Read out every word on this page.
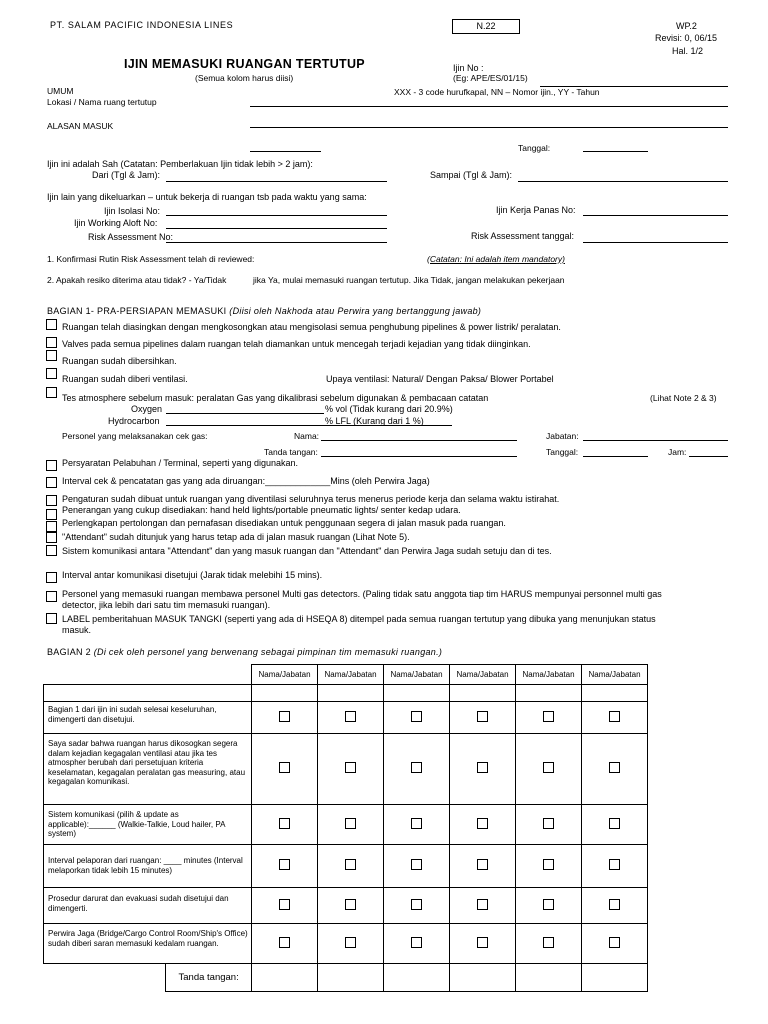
PT. SALAM PACIFIC INDONESIA LINES	N.22	WP.2
Revisi: 0, 06/15
Hal. 1/2
IJIN MEMASUKI RUANGAN TERTUTUP
(Semua kolom harus diisi)
Ijin No :
(Eg: APE/ES/01/15)
XXX - 3 code hurufkapal, NN – Nomor ijin., YY - Tahun
UMUM
Lokasi / Nama ruang tertutup
ALASAN MASUK
Tanggal:
Ijin ini adalah Sah (Catatan: Pemberlakuan Ijin tidak lebih > 2 jam):
Dari (Tgl & Jam):	Sampai (Tgl & Jam):
Ijin lain yang dikeluarkan – untuk bekerja di ruangan tsb pada waktu yang sama:
Ijin Isolasi No:	Ijin Kerja Panas No:
Ijin Working Aloft No:
Risk Assessment No:	Risk Assessment tanggal:
1. Konfirmasi Rutin Risk Assessment telah di reviewed:	(Catatan: Ini adalah item mandatory)
2. Apakah resiko diterima atau tidak? - Ya/Tidak	jika Ya, mulai memasuki ruangan tertutup. Jika Tidak, jangan melakukan pekerjaan
BAGIAN 1- PRA-PERSIAPAN MEMASUKI (Diisi oleh Nakhoda atau Perwira yang bertanggung jawab)
Ruangan telah diasingkan dengan mengkosongkan atau mengisolasi semua penghubung pipelines & power listrik/ peralatan.
Valves pada semua pipelines dalam ruangan telah diamankan untuk mencegah terjadi kejadian yang tidak diinginkan.
Ruangan sudah dibersihkan.
Ruangan sudah diberi ventilasi.	Upaya ventilasi: Natural/ Dengan Paksa/ Blower Portabel
Tes atmosphere sebelum masuk: peralatan Gas yang dikalibrasi sebelum digunakan & pembacaan catatan	(Lihat Note 2 & 3)
Oxygen	% vol (Tidak kurang dari 20.9%)
Hydrocarbon	% LFL (Kurang dari 1 %)
Personel yang melaksanakan cek gas:	Nama:	Jabatan:
Tanda tangan:	Tanggal:	Jam:
Persyaratan Pelabuhan / Terminal, seperti yang digunakan.
Interval cek & pencatatan gas yang ada diruangan:_____________Mins (oleh Perwira Jaga)
Pengaturan sudah dibuat untuk ruangan yang diventilasi seluruhnya terus menerus periode kerja dan selama waktu istirahat.
Penerangan yang cukup disediakan: hand held lights/portable pneumatic lights/ senter kedap udara.
Perlengkapan pertolongan dan pernafasan disediakan untuk penggunaan segera di jalan masuk pada ruangan.
"Attendant" sudah ditunjuk yang harus tetap ada di jalan masuk ruangan (Lihat Note 5).
Sistem komunikasi antara "Attendant" dan yang masuk ruangan dan "Attendant" dan Perwira Jaga sudah setuju dan di tes.
Interval antar komunikasi disetujui (Jarak tidak melebihi 15 mins).
Personel yang memasuki ruangan membawa personel Multi gas detectors. (Paling tidak satu anggota tiap tim HARUS mempunyai personnel multi gas
detector, jika lebih dari satu tim memasuki ruangan).
LABEL pemberitahuan MASUK TANGKI (seperti yang ada di HSEQA 8) ditempel pada semua ruangan tertutup yang dibuka yang menunjukan status
masuk.
BAGIAN 2 (Di cek oleh personel yang berwenang sebagai pimpinan tim memasuki ruangan.)
	Nama/Jabatan	Nama/Jabatan	Nama/Jabatan	Nama/Jabatan	Nama/Jabatan	Nama/Jabatan

Bagian 1 dari ijin ini sudah selesai keseluruhan, dimengerti dan disetujui.						
Saya sadar bahwa ruangan harus dikosogkan segera dalam kejadian kegagalan ventilasi atau jika tes atmospher berubah dari persetujuan kriteria keselamatan, kegagalan peralatan gas measuring, atau kegagalan komunikasi.						
Sistem komunikasi (pilih & update as applicable):______ (Walkie-Talkie, Loud hailer, PA system)						
Interval pelaporan dari ruangan: ____ minutes (Interval melaporkan tidak lebih 15 minutes)						
Prosedur darurat dan evakuasi sudah disetujui dan dimengerti.						
Perwira Jaga (Bridge/Cargo Control Room/Ship's Office) sudah diberi saran memasuki kedalam ruangan.						

Tanda tangan:						
